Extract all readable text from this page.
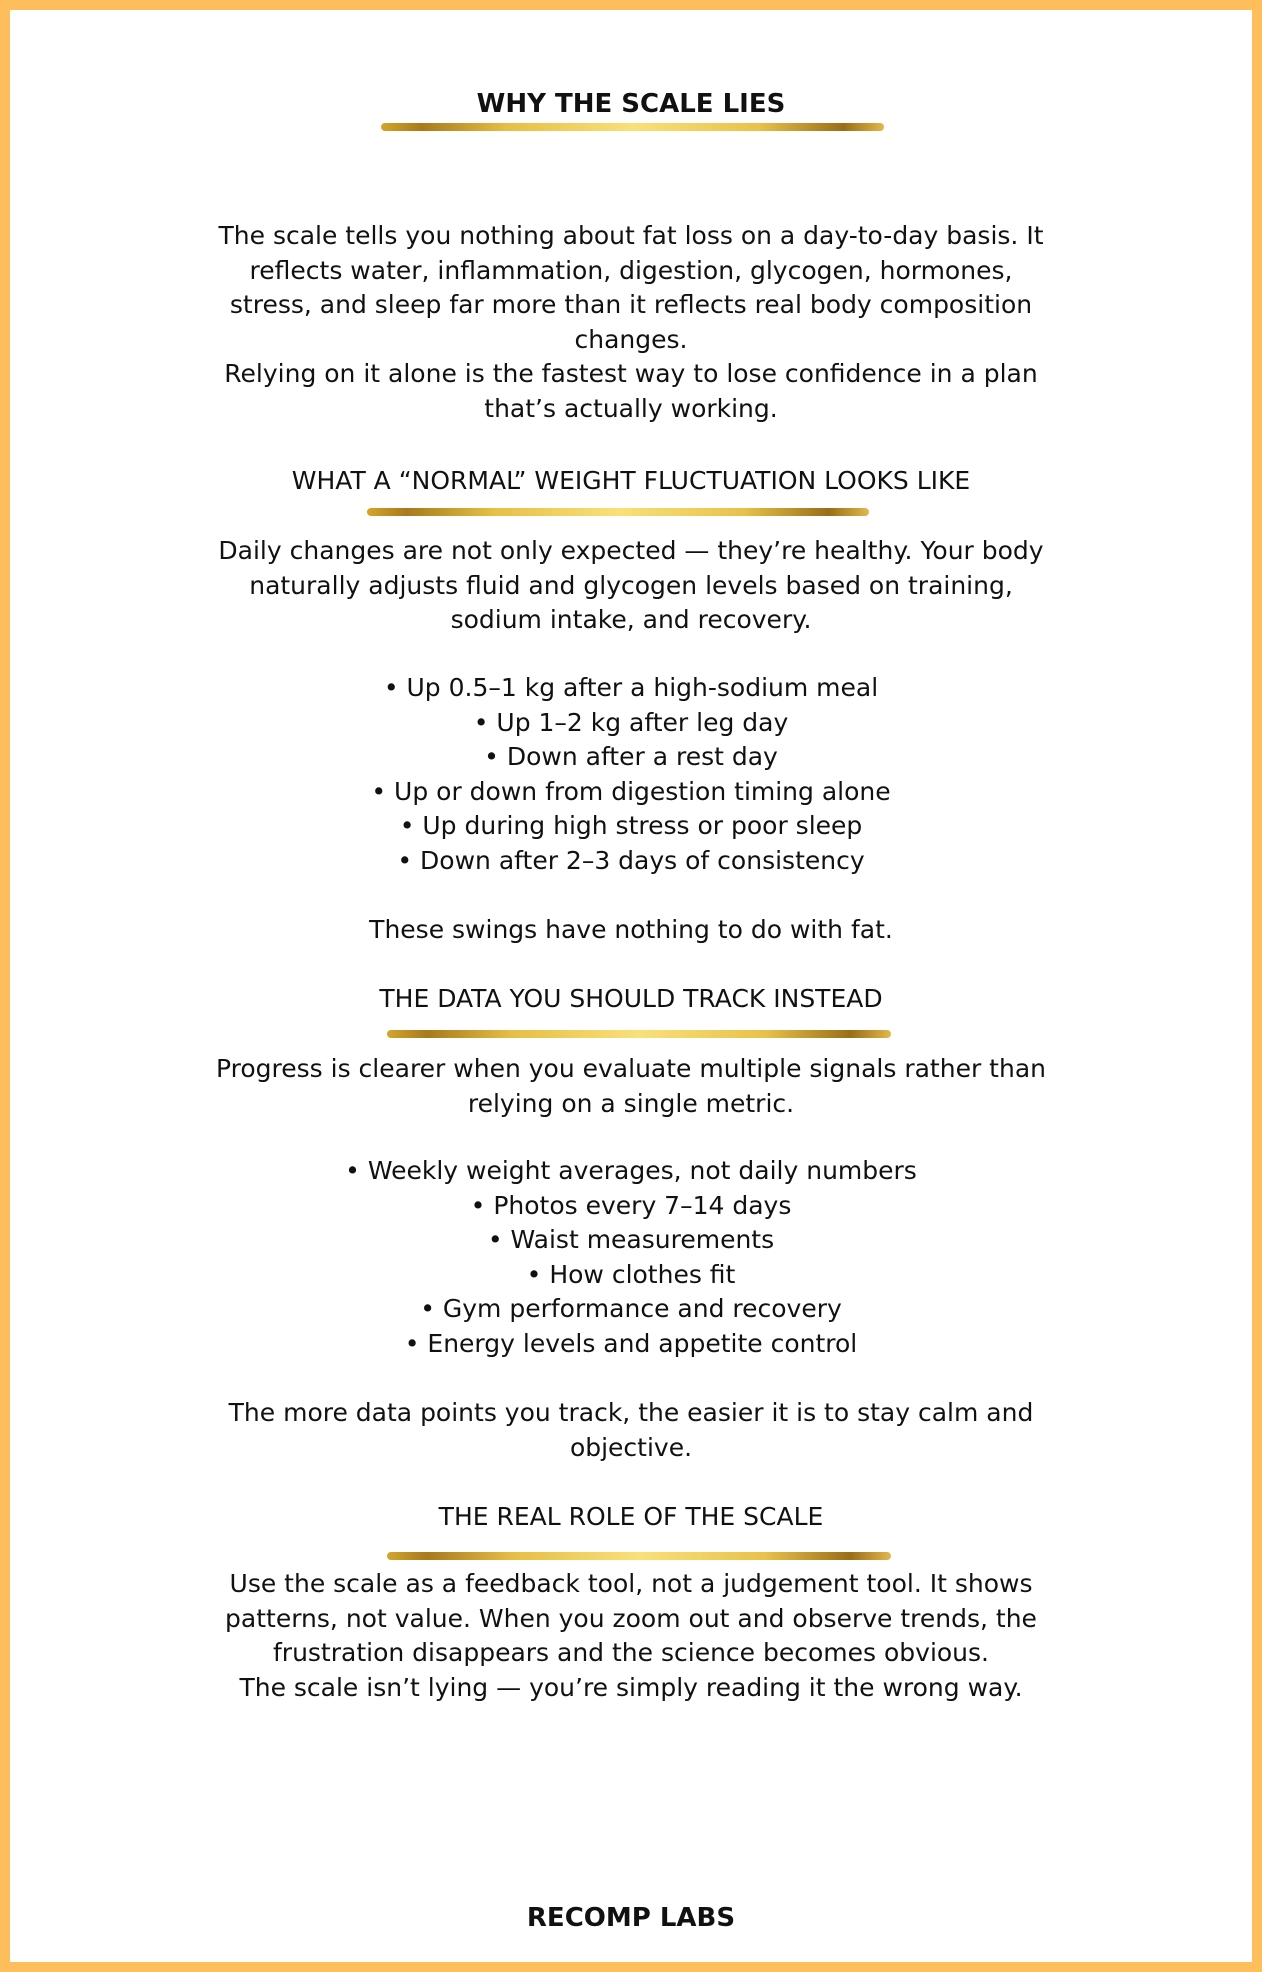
WHY THE SCALE LIES
The scale tells you nothing about fat loss on a day-to-day basis. It
reflects water, inflammation, digestion, glycogen, hormones,
stress, and sleep far more than it reflects real body composition
changes.
Relying on it alone is the fastest way to lose confidence in a plan
that’s actually working.
WHAT A “NORMAL” WEIGHT FLUCTUATION LOOKS LIKE
Daily changes are not only expected — they’re healthy. Your body
naturally adjusts fluid and glycogen levels based on training,
sodium intake, and recovery.
• Up 0.5–1 kg after a high-sodium meal
• Up 1–2 kg after leg day
• Down after a rest day
• Up or down from digestion timing alone
• Up during high stress or poor sleep
• Down after 2–3 days of consistency
These swings have nothing to do with fat.
THE DATA YOU SHOULD TRACK INSTEAD
Progress is clearer when you evaluate multiple signals rather than
relying on a single metric.
• Weekly weight averages, not daily numbers
• Photos every 7–14 days
• Waist measurements
• How clothes fit
• Gym performance and recovery
• Energy levels and appetite control
The more data points you track, the easier it is to stay calm and
objective.
THE REAL ROLE OF THE SCALE
Use the scale as a feedback tool, not a judgement tool. It shows
patterns, not value. When you zoom out and observe trends, the
frustration disappears and the science becomes obvious.
The scale isn’t lying — you’re simply reading it the wrong way.
RECOMP LABS
